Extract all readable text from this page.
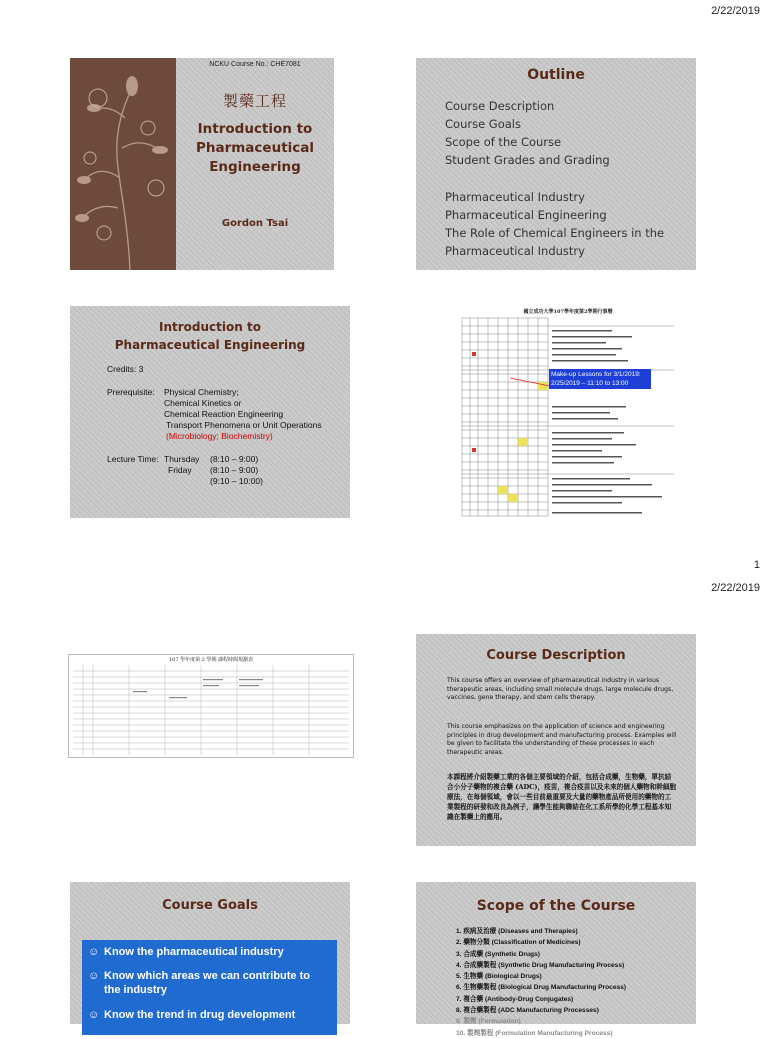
2/22/2019
NCKU Course No.: CHE7081
製藥工程
Introduction to
Pharmaceutical
Engineering
Gordon Tsai
Outline
Course Description
Course Goals
Scope of the Course
Student Grades and Grading
Pharmaceutical Industry
Pharmaceutical Engineering
The Role of Chemical Engineers in the
Pharmaceutical Industry
Introduction to
Pharmaceutical Engineering
Credits: 3
Prerequisite:	Physical Chemistry;
Chemical Kinetics or
Chemical Reaction Engineering
Transport Phenomena or Unit Operations
(Microbiology; Biochemistry)
Lecture Time: Thursday	(8:10 – 9:00)
Friday	(8:10 – 9:00)
(9:10 – 10:00)
國立成功大學107學年度第2學期行事曆
Make-up Lessons for 3/1/2019:
2/25/2019 – 11:10 to 13:00
1
2/22/2019
107 學年度第 2 學期 課程時間規劃表	Course Description
This course offers an overview of pharmaceutical industry in various therapeutic areas, including small molecule drugs, large molecule drugs, vaccines, gene therapy, and stem cells therapy.
This course emphasizes on the application of science and engineering principles in drug development and manufacturing process. Examples will be given to facilitate the understanding of these processes in each therapeutic areas.
本課程將介紹製藥工業的各個主要領域的介紹，包括合成藥，生物藥，單抗結合小分子藥物的複合藥 (ADC)，疫苗，複合疫苗以及未來的個人藥物和幹細胞療法，在每個領域，會以一些目前最重要及大量的藥物產品所使用的藥物的工業製程的研發和改良為例子，讓學生能夠聯結在化工系所學的化學工程基本知識在製藥上的應用。
Course Goals
☺ Know the pharmaceutical industry
☺ Know which areas we can contribute to the industry
☺ Know the trend in drug development
Scope of the Course
1. 疾病及治療 (Diseases and Therapies)
2. 藥物分類 (Classification of Medicines)
3. 合成藥 (Synthetic Drugs)
4. 合成藥製程 (Synthetic Drug Manufacturing Process)
5. 生物藥 (Biological Drugs)
6. 生物藥製程 (Biological Drug Manufacturing Process)
7. 複合藥 (Antibody-Drug Conjugates)
8. 複合藥製程 (ADC Manufacturing Processes)
9. 製劑 (Formulation)
10. 製劑製程 (Formulation Manufacturing Process)
